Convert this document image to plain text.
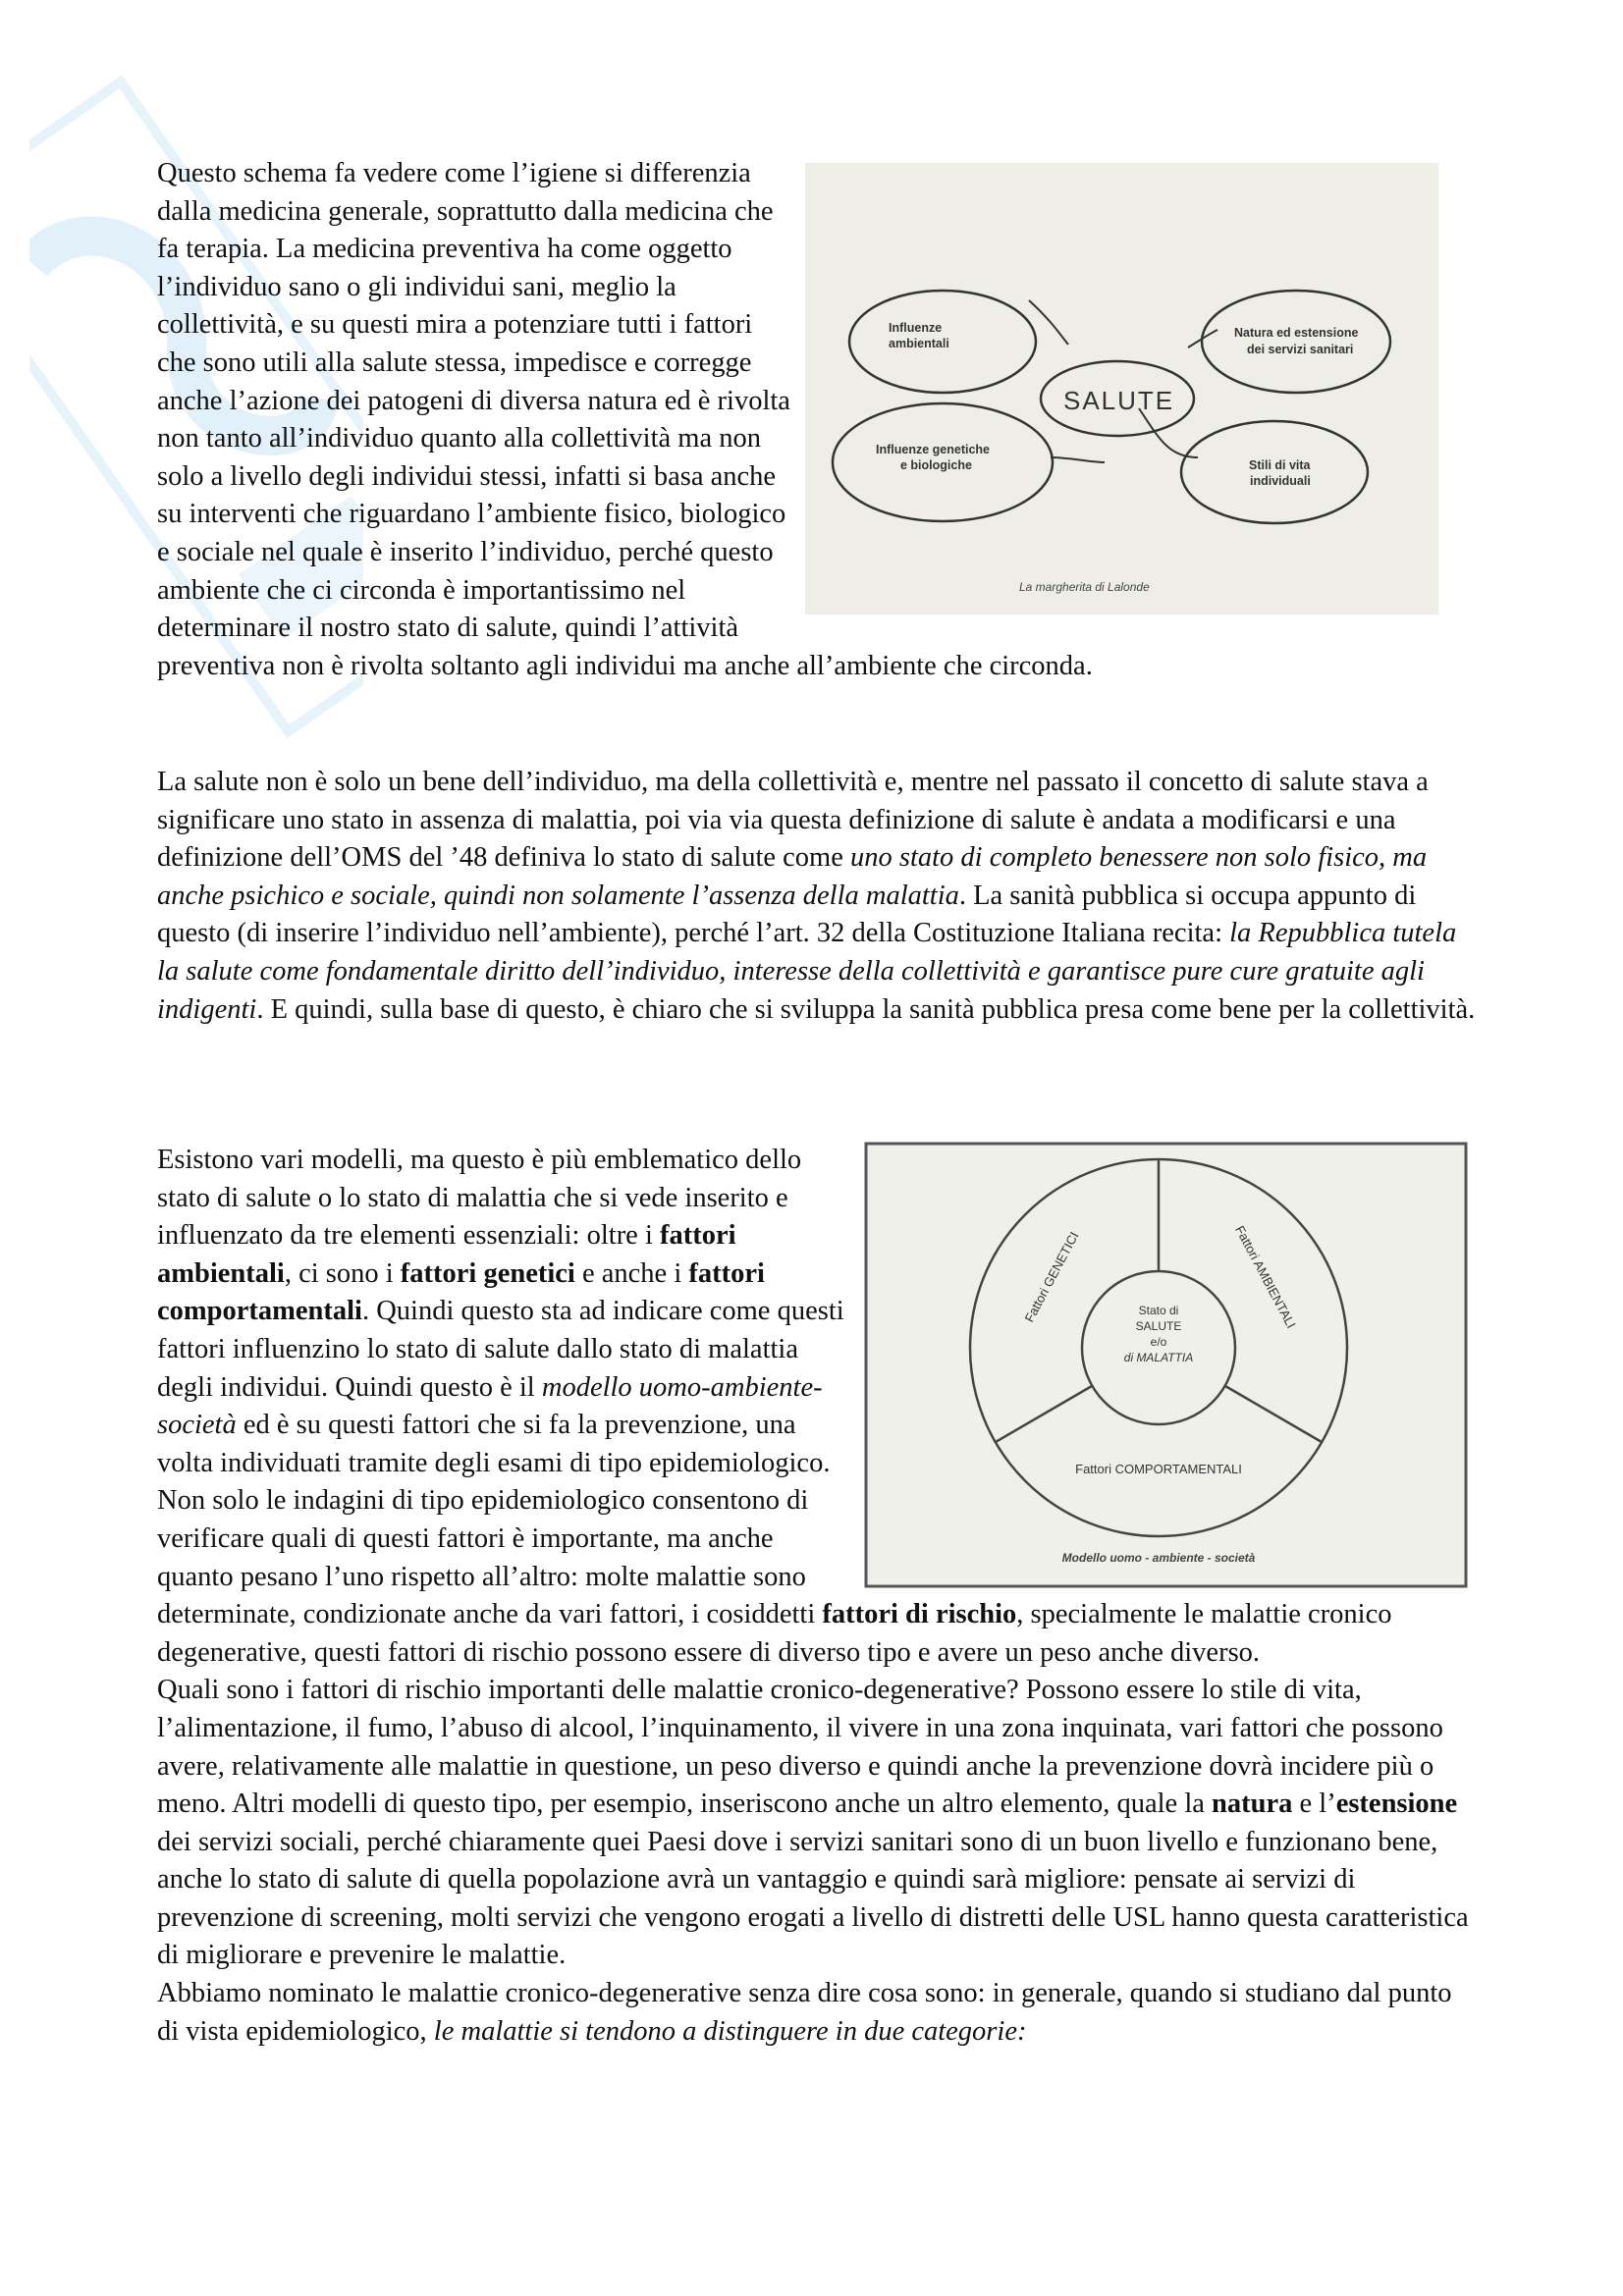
Influenze
ambientali
Natura ed estensione
dei servizi sanitari
SALUTE
Influenze genetiche
e biologiche	Stili di vita
individuali
La margherita di Lalonde
Questo schema fa vedere come l’igiene si differenzia dalla medicina generale, soprattutto dalla medicina che fa terapia. La medicina preventiva ha come oggetto l’individuo sano o gli individui sani, meglio la collettività, e su questi mira a potenziare tutti i fattori che sono utili alla salute stessa, impedisce e corregge anche l’azione dei patogeni di diversa natura ed è rivolta non tanto all’individuo quanto alla collettività ma non solo a livello degli individui stessi, infatti si basa anche su interventi che riguardano l’ambiente fisico, biologico e sociale nel quale è inserito l’individuo, perché questo ambiente che ci circonda è importantissimo nel determinare il nostro stato di salute, quindi l’attività preventiva non è rivolta soltanto agli individui ma anche all’ambiente che circonda.
La salute non è solo un bene dell’individuo, ma della collettività e, mentre nel passato il concetto di salute stava a significare uno stato in assenza di malattia, poi via via questa definizione di salute è andata a modificarsi e una definizione dell’OMS del ’48 definiva lo stato di salute come uno stato di completo benessere non solo fisico, ma anche psichico e sociale, quindi non solamente l’assenza della malattia. La sanità pubblica si occupa appunto di questo (di inserire l’individuo nell’ambiente), perché l’art. 32 della Costituzione Italiana recita: la Repubblica tutela la salute come fondamentale diritto dell’individuo, interesse della collettività e garantisce pure cure gratuite agli indigenti. E quindi, sulla base di questo, è chiaro che si sviluppa la sanità pubblica presa come bene per la collettività.
Stato di
SALUTE
e/o
di MALATTIA
Fattori GENETICI	Fattori AMBIENTALI
Fattori COMPORTAMENTALI
Modello uomo - ambiente - società
Esistono vari modelli, ma questo è più emblematico dello stato di salute o lo stato di malattia che si vede inserito e influenzato da tre elementi essenziali: oltre i fattori ambientali, ci sono i fattori genetici e anche i fattori comportamentali. Quindi questo sta ad indicare come questi fattori influenzino lo stato di salute dallo stato di malattia degli individui. Quindi questo è il modello uomo-ambiente-società ed è su questi fattori che si fa la prevenzione, una volta individuati tramite degli esami di tipo epidemiologico. Non solo le indagini di tipo epidemiologico consentono di verificare quali di questi fattori è importante, ma anche quanto pesano l’uno rispetto all’altro: molte malattie sono determinate, condizionate anche da vari fattori, i cosiddetti fattori di rischio, specialmente le malattie cronico degenerative, questi fattori di rischio possono essere di diverso tipo e avere un peso anche diverso.
Quali sono i fattori di rischio importanti delle malattie cronico-degenerative? Possono essere lo stile di vita, l’alimentazione, il fumo, l’abuso di alcool, l’inquinamento, il vivere in una zona inquinata, vari fattori che possono avere, relativamente alle malattie in questione, un peso diverso e quindi anche la prevenzione dovrà incidere più o meno. Altri modelli di questo tipo, per esempio, inseriscono anche un altro elemento, quale la natura e l’estensione dei servizi sociali, perché chiaramente quei Paesi dove i servizi sanitari sono di un buon livello e funzionano bene, anche lo stato di salute di quella popolazione avrà un vantaggio e quindi sarà migliore: pensate ai servizi di prevenzione di screening, molti servizi che vengono erogati a livello di distretti delle USL hanno questa caratteristica di migliorare e prevenire le malattie.
Abbiamo nominato le malattie cronico-degenerative senza dire cosa sono: in generale, quando si studiano dal punto di vista epidemiologico, le malattie si tendono a distinguere in due categorie:
